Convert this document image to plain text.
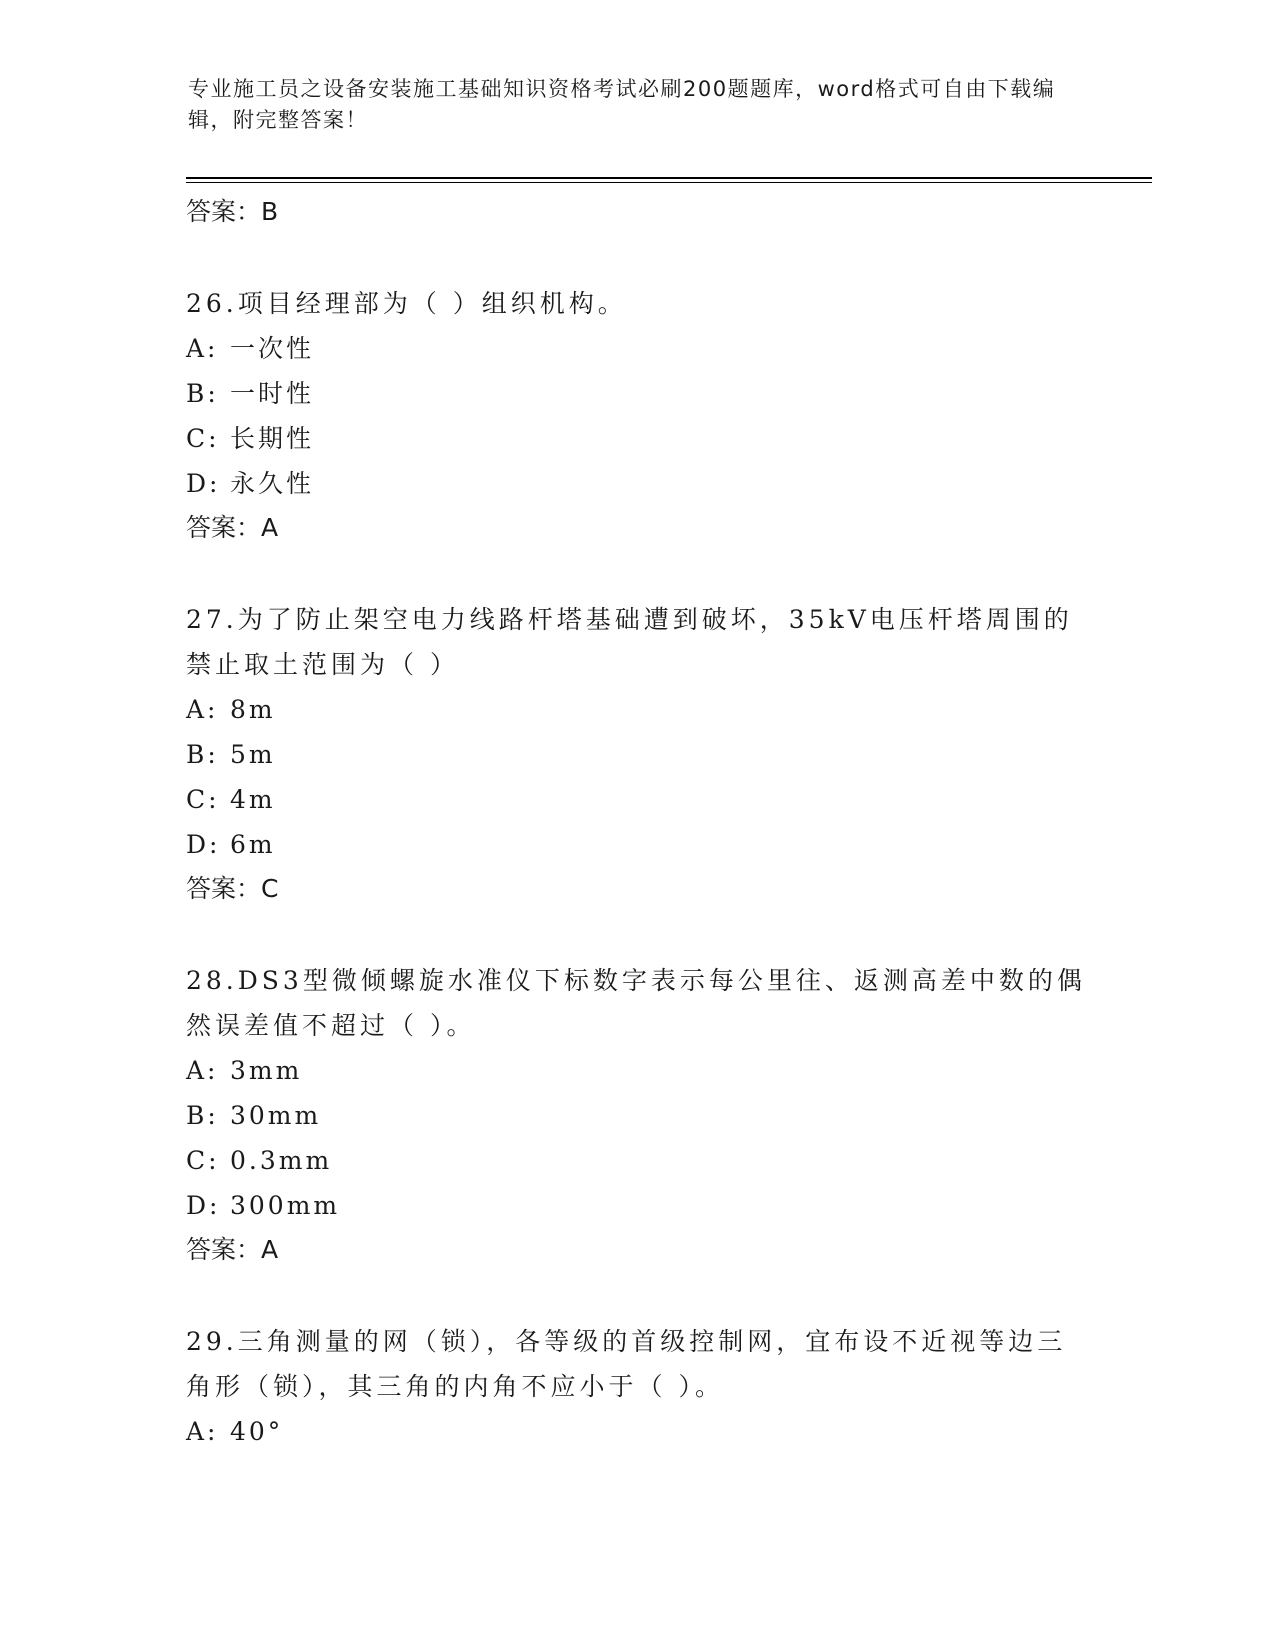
专业施工员之设备安装施工基础知识资格考试必刷200题题库，word格式可自由下载编辑，附完整答案！
答案：B
26.项目经理部为（ ）组织机构。
A: 一次性
B: 一时性
C: 长期性
D: 永久性
答案：A
27.为了防止架空电力线路杆塔基础遭到破坏，35kV电压杆塔周围的禁止取土范围为（ ）
A: 8m
B: 5m
C: 4m
D: 6m
答案：C
28.DS3型微倾螺旋水准仪下标数字表示每公里往、返测高差中数的偶然误差值不超过（ ）。
A: 3mm
B: 30mm
C: 0.3mm
D: 300mm
答案：A
29.三角测量的网（锁），各等级的首级控制网，宜布设不近视等边三角形（锁），其三角的内角不应小于（ ）。
A: 40°
